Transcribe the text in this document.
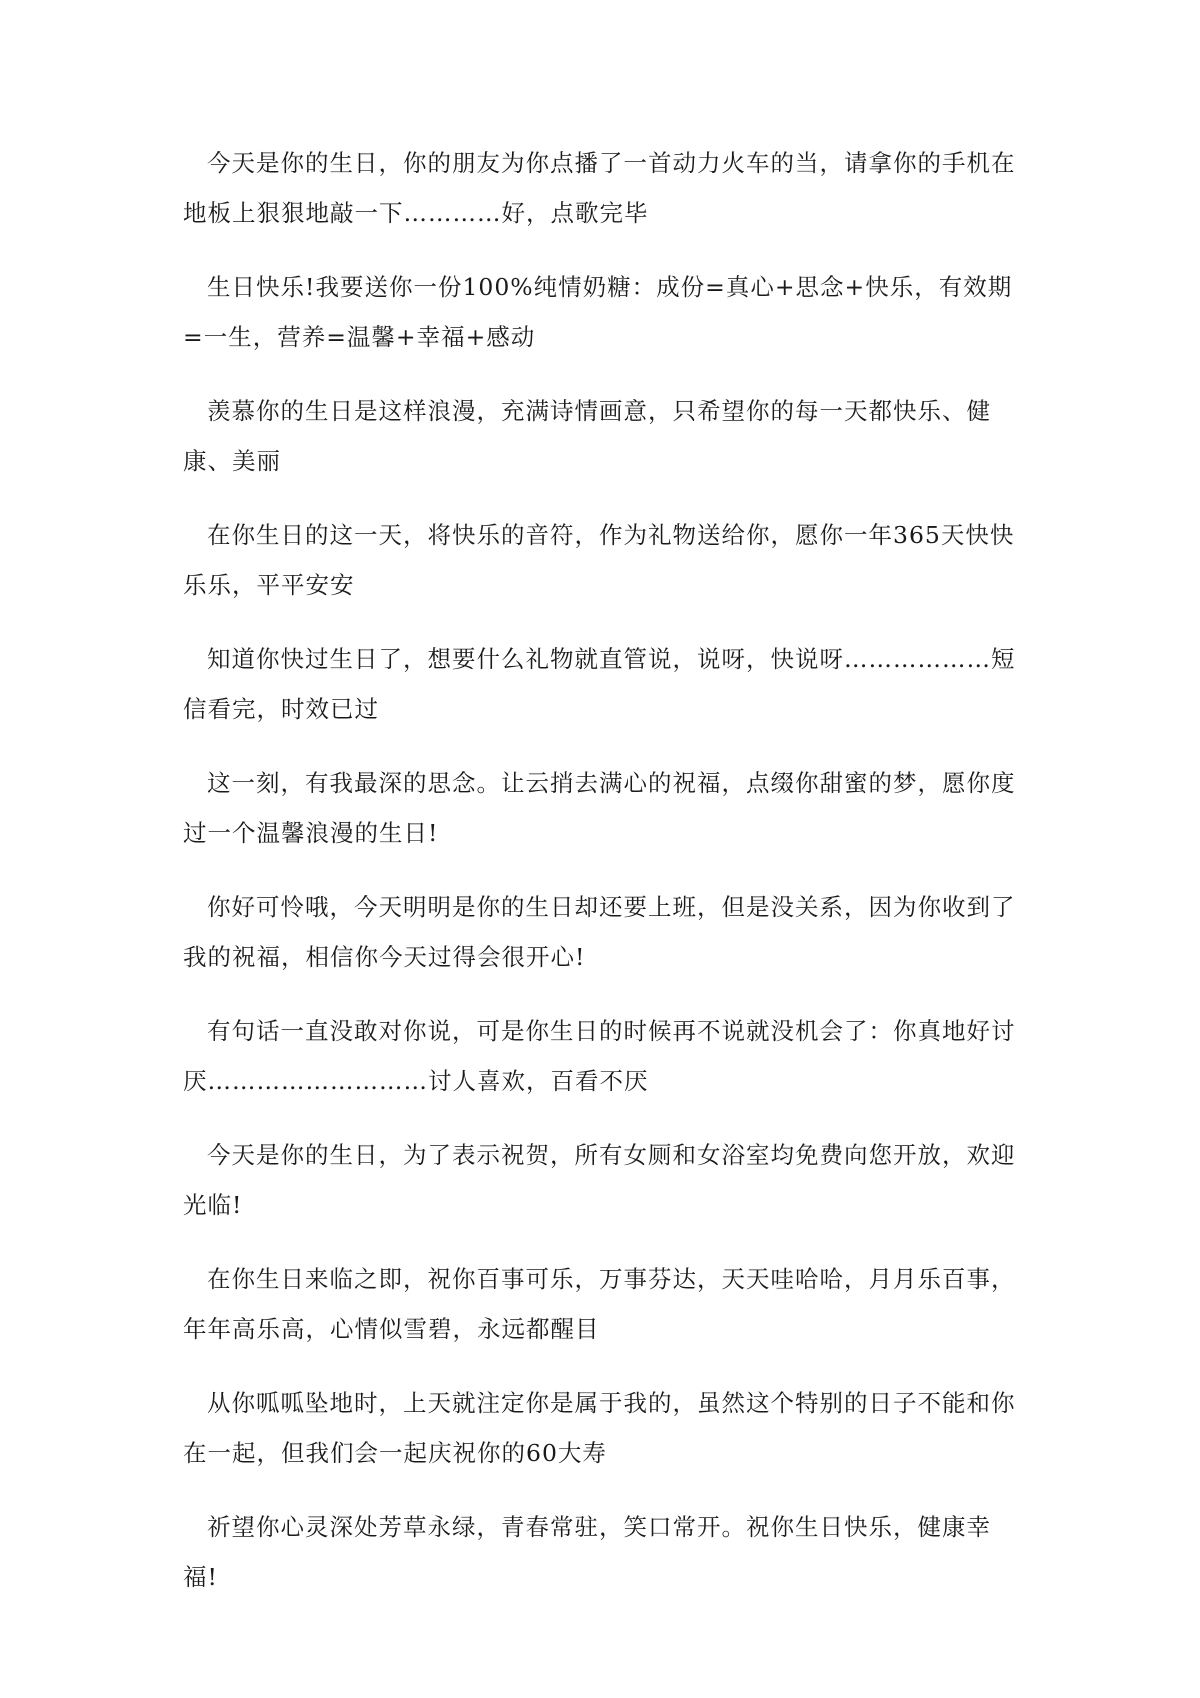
今天是你的生日，你的朋友为你点播了一首动力火车的当，请拿你的手机在地板上狠狠地敲一下…………好，点歌完毕

生日快乐!我要送你一份100%纯情奶糖：成份=真心+思念+快乐，有效期=一生，营养=温馨+幸福+感动

羡慕你的生日是这样浪漫，充满诗情画意，只希望你的每一天都快乐、健康、美丽

在你生日的这一天，将快乐的音符，作为礼物送给你，愿你一年365天快快乐乐，平平安安

知道你快过生日了，想要什么礼物就直管说，说呀，快说呀………………短信看完，时效已过

这一刻，有我最深的思念。让云捎去满心的祝福，点缀你甜蜜的梦，愿你度过一个温馨浪漫的生日!

你好可怜哦，今天明明是你的生日却还要上班，但是没关系，因为你收到了我的祝福，相信你今天过得会很开心!

有句话一直没敢对你说，可是你生日的时候再不说就没机会了：你真地好讨厌………………………讨人喜欢，百看不厌

今天是你的生日，为了表示祝贺，所有女厕和女浴室均免费向您开放，欢迎光临!

在你生日来临之即，祝你百事可乐，万事芬达，天天哇哈哈，月月乐百事，年年高乐高，心情似雪碧，永远都醒目

从你呱呱坠地时，上天就注定你是属于我的，虽然这个特别的日子不能和你在一起，但我们会一起庆祝你的60大寿

祈望你心灵深处芳草永绿，青春常驻，笑口常开。祝你生日快乐，健康幸福!
